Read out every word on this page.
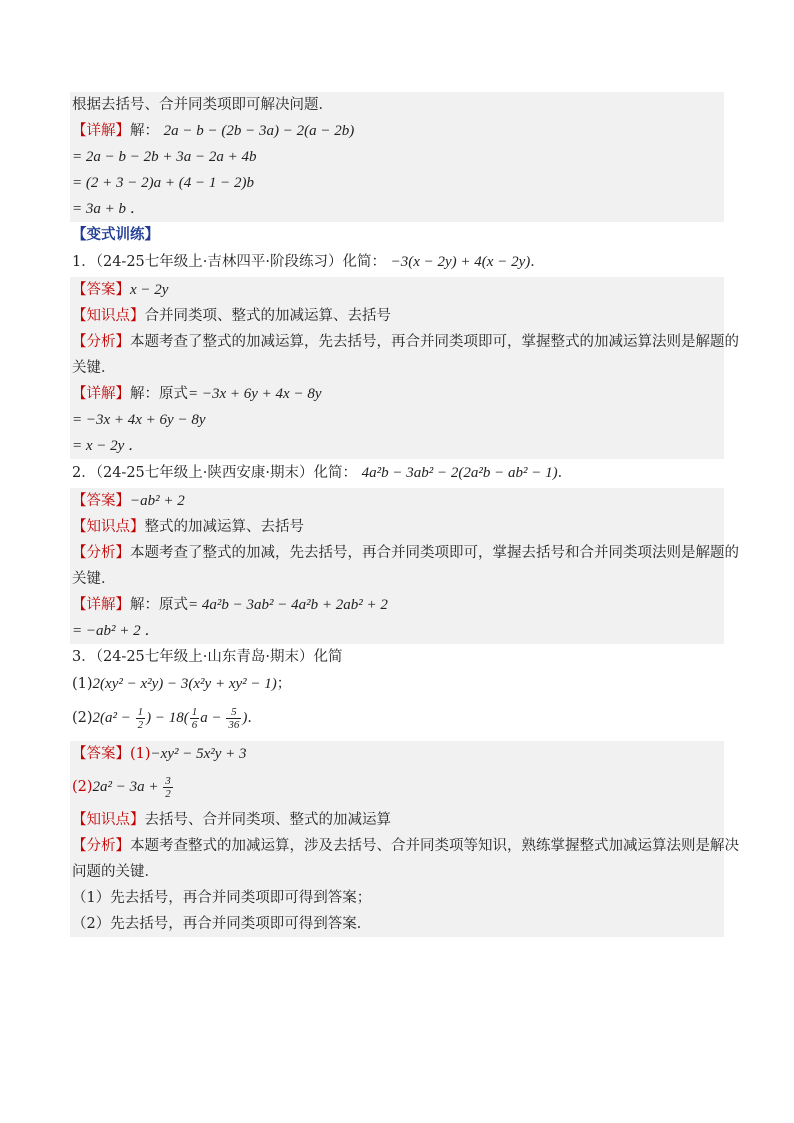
根据去括号、合并同类项即可解决问题．
【详解】解： 2a − b − (2b − 3a) − 2(a − 2b)
= 2a − b − 2b + 3a − 2a + 4b
= (2 + 3 − 2)a + (4 − 1 − 2)b
= 3a + b ．
【变式训练】
1．（24-25七年级上·吉林四平·阶段练习）化简： −3(x − 2y) + 4(x − 2y)．
【答案】x − 2y
【知识点】合并同类项、整式的加减运算、去括号
【分析】本题考查了整式的加减运算，先去括号，再合并同类项即可，掌握整式的加减运算法则是解题的
关键．
【详解】解：原式= −3x + 6y + 4x − 8y
= −3x + 4x + 6y − 8y
= x − 2y ．
2．（24-25七年级上·陕西安康·期末）化简： 4a²b − 3ab² − 2(2a²b − ab² − 1)．
【答案】−ab² + 2
【知识点】整式的加减运算、去括号
【分析】本题考查了整式的加减，先去括号，再合并同类项即可，掌握去括号和合并同类项法则是解题的
关键．
【详解】解：原式= 4a²b − 3ab² − 4a²b + 2ab² + 2
= −ab² + 2 ．
3．（24-25七年级上·山东青岛·期末）化简
(1)2(xy² − x²y) − 3(x²y + xy² − 1)；
$(2)2(a^2 - \frac{1}{2}$ ) − $18( \frac{1}{6}$ $a - \frac{5}{36}$ )．
【答案】(1)−xy² − 5x²y + 3
$(2)2a^2 - 3a + \frac{3}{2}$
【知识点】去括号、合并同类项、整式的加减运算
【分析】本题考查整式的加减运算，涉及去括号、合并同类项等知识，熟练掌握整式加减运算法则是解决
问题的关键．
（1）先去括号，再合并同类项即可得到答案；
（2）先去括号，再合并同类项即可得到答案．
